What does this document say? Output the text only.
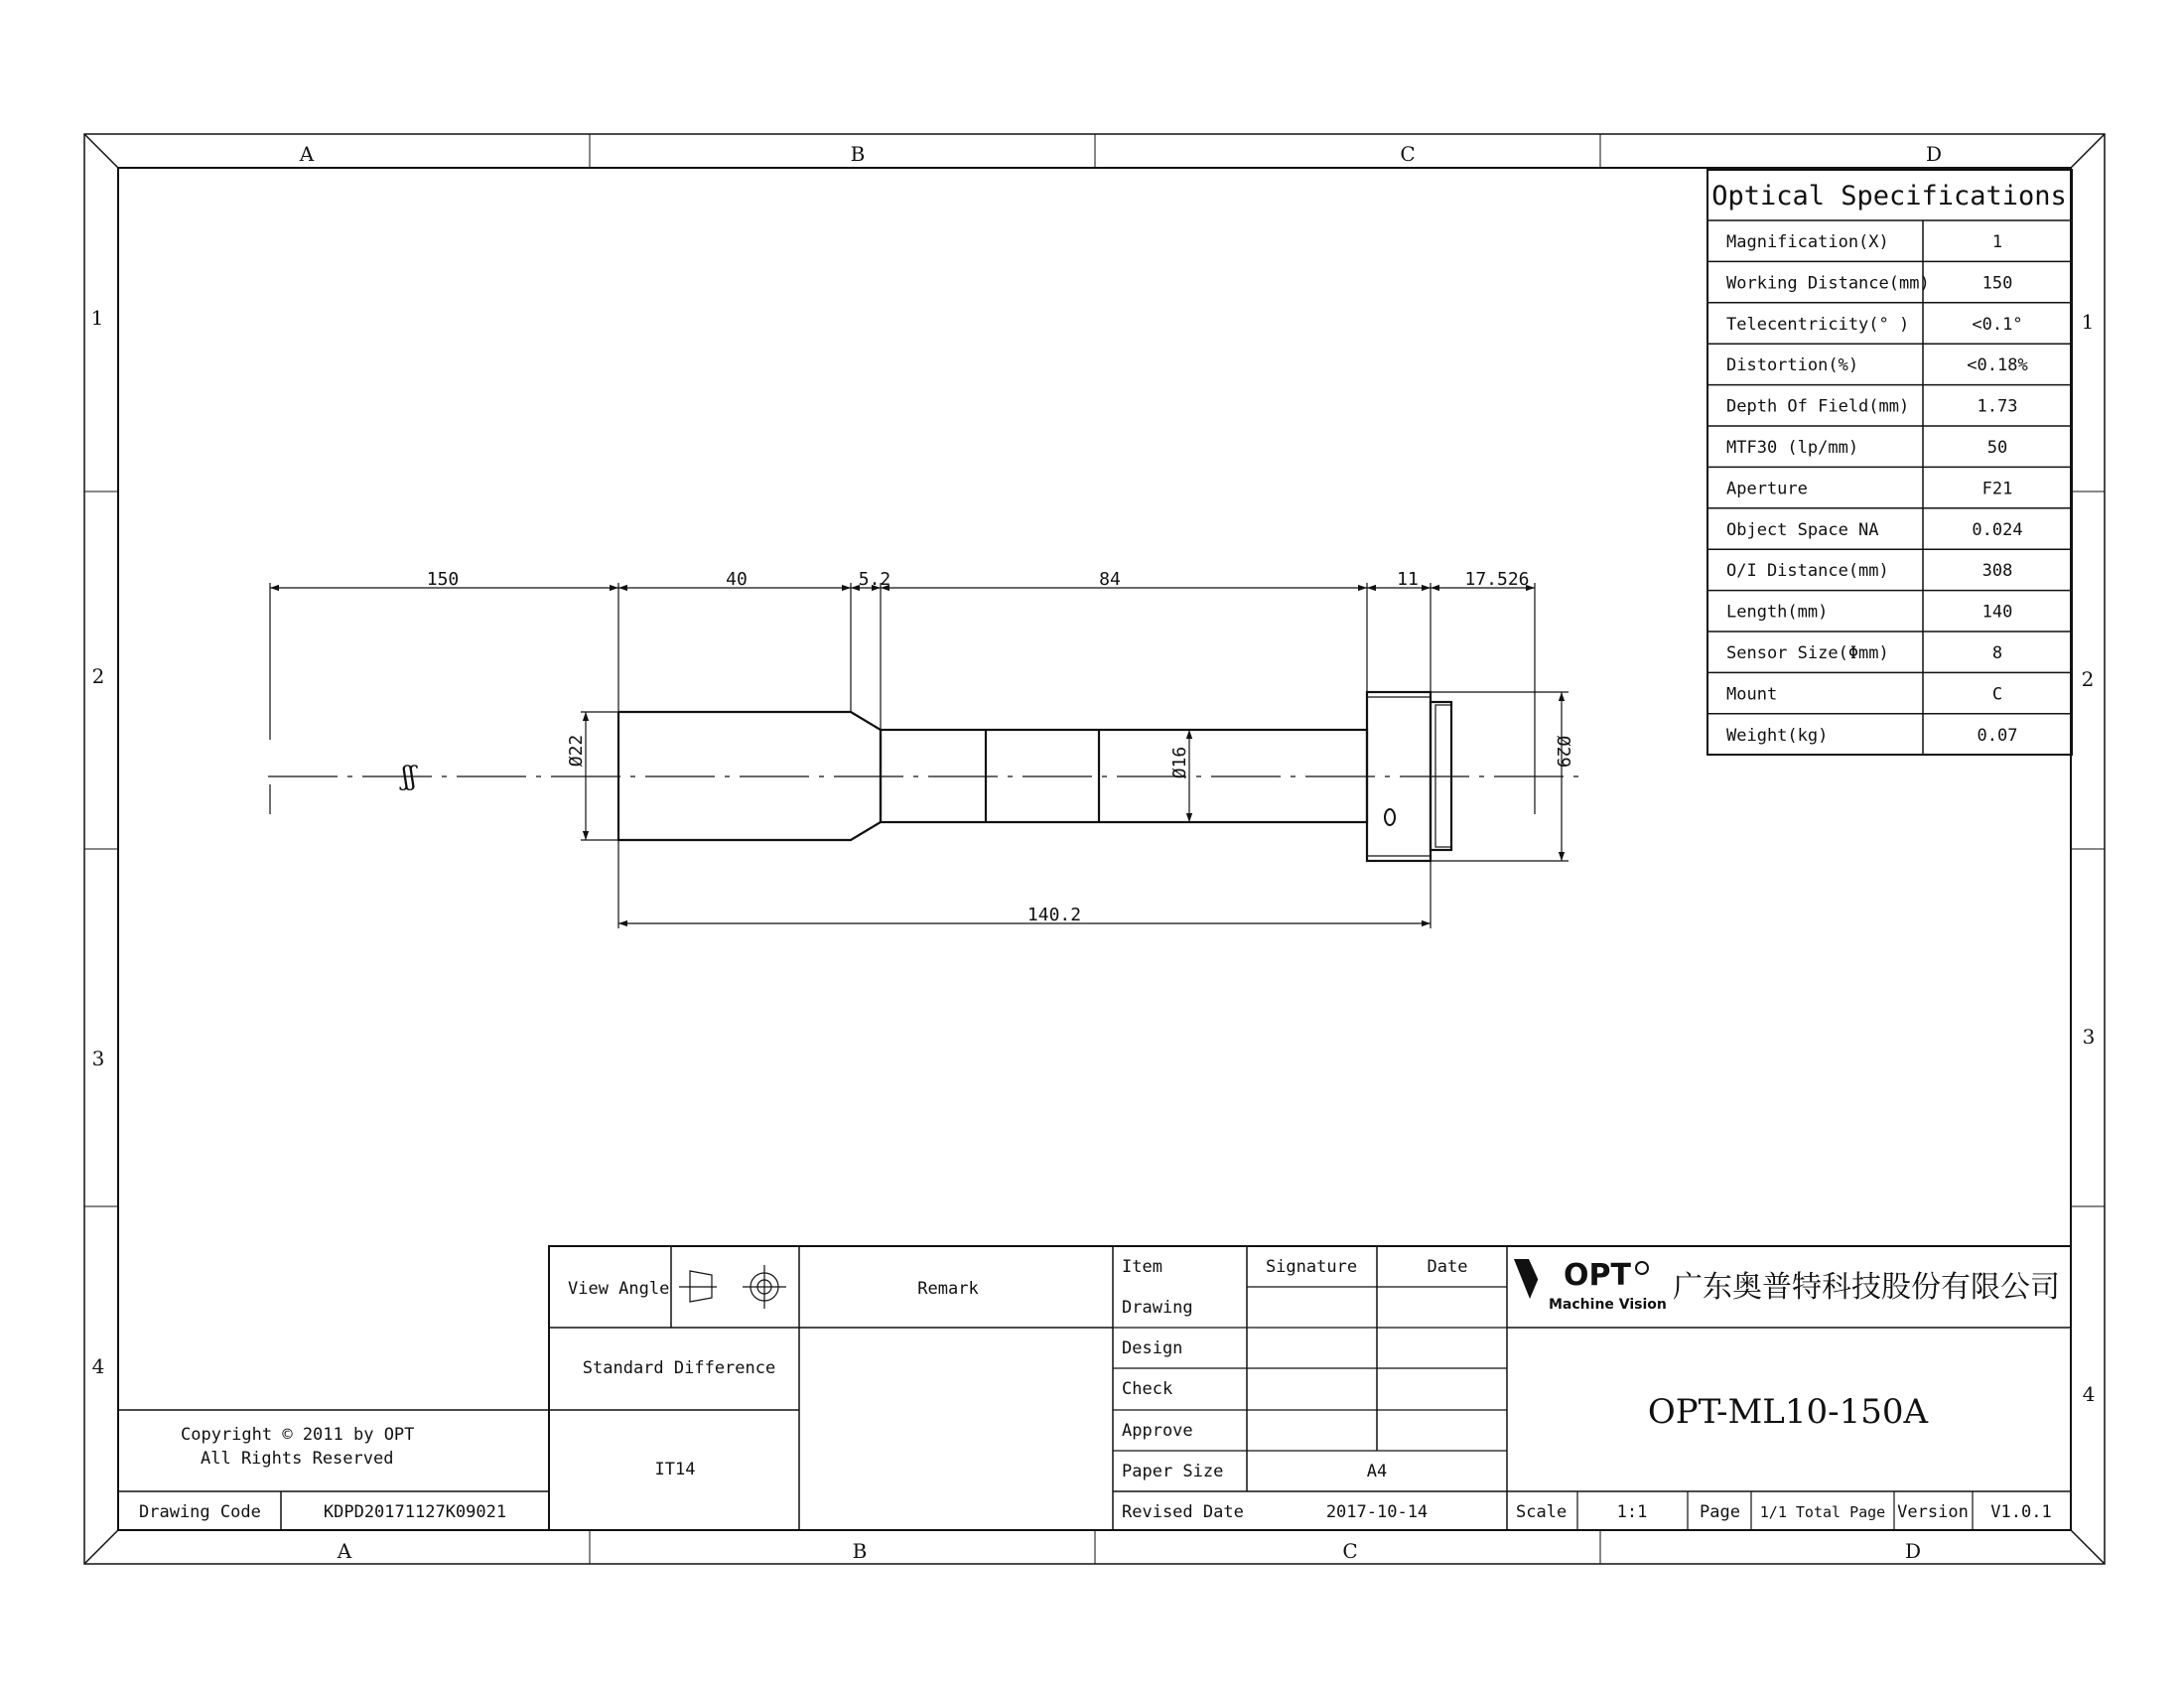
A	B	C	D
A	B	C	D
1
2
3
4
1
2
3
4
Optical Specifications
Magnification(X)	1
Working Distance(mm)	150
Telecentricity(° )	<0.1°
Distortion(%)	<0.18%
Depth Of Field(mm)	1.73
MTF30 (lp/mm)	50
Aperture	F21
Object Space NA	0.024
O/I Distance(mm)	308
Length(mm)	140
Sensor Size(Φmm)	8
Mount	C
Weight(kg)	0.07
ʃʃ
150	40	5.2	84	11	17.526
140.2
Ø22	Ø16	Ø29
OPT
Machine Vision
Copyright © 2011 by OPT
All Rights Reserved
Drawing Code	KDPD20171127K09021
View Angle	Remark
Standard Difference
IT14
Item	Signature	Date
Drawing
Design
Check
Approve
Paper Size	A4
Revised Date	2017-10-14	Scale	1:1	Page 1/1 Total Page Version V1.0.1
广东奥普特科技股份有限公司
OPT-ML10-150A
